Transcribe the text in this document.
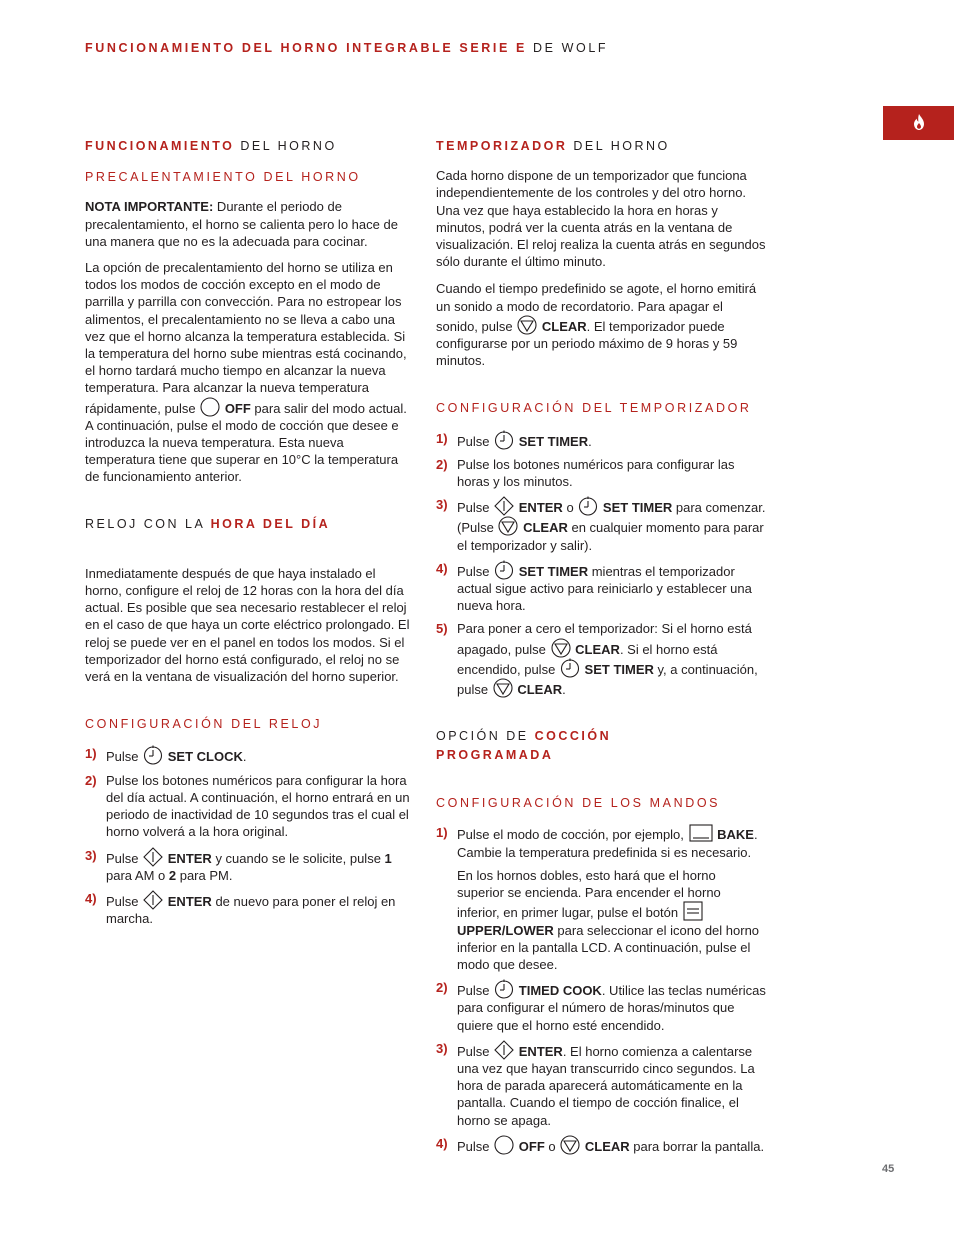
FUNCIONAMIENTO DEL HORNO INTEGRABLE SERIE E DE WOLF
FUNCIONAMIENTO DEL HORNO
PRECALENTAMIENTO DEL HORNO

NOTA IMPORTANTE: Durante el periodo de precalentamiento, el horno se calienta pero lo hace de una manera que no es la adecuada para cocinar.

La opción de precalentamiento del horno se utiliza en todos los modos de cocción excepto en el modo de parrilla y parrilla con convección. Para no estropear los alimentos, el precalentamiento no se lleva a cabo una vez que el horno alcanza la temperatura establecida. Si la temperatura del horno sube mientras está cocinando, el horno tardará mucho tiempo en alcanzar la nueva temperatura. Para alcanzar la nueva temperatura rápidamente, pulse
OFF para salir del modo actual. A continuación, pulse el modo de cocción que desee e introduzca la nueva temperatura. Esta nueva temperatura tiene que superar en 10°C la temperatura de funcionamiento anterior.

RELOJ CON LA HORA DEL DÍA

Inmediatamente después de que haya instalado el horno, configure el reloj de 12 horas con la hora del día actual. Es posible que sea necesario restablecer el reloj en el caso de que haya un corte eléctrico prolongado. El reloj se puede ver en el panel en todos los modos. Si el temporizador del horno está configurado, el reloj no se verá en la ventana de visualización del horno superior.

CONFIGURACIÓN DEL RELOJ
1) Pulse
SET CLOCK.
2) Pulse los botones numéricos para configurar la hora del día actual. A continuación, el horno entrará en un periodo de inactividad de 10 segundos tras el cual el horno volverá a la hora original.
3) Pulse
ENTER y cuando se le solicite, pulse 1 para AM o 2 para PM.
4) Pulse
ENTER de nuevo para poner el reloj en marcha.
TEMPORIZADOR DEL HORNO

Cada horno dispone de un temporizador que funciona independientemente de los controles y del otro horno. Una vez que haya establecido la hora en horas y minutos, podrá ver la cuenta atrás en la ventana de visualización. El reloj realiza la cuenta atrás en segundos sólo durante el último minuto.

Cuando el tiempo predefinido se agote, el horno emitirá un sonido a modo de recordatorio. Para apagar el sonido, pulse
CLEAR. El temporizador puede configurarse por un periodo máximo de 9 horas y 59 minutos.

CONFIGURACIÓN DEL TEMPORIZADOR
1) Pulse
SET TIMER.
2) Pulse los botones numéricos para configurar las horas y los minutos.
3) Pulse
ENTER o
SET TIMER para comenzar. (Pulse
CLEAR en cualquier momento para parar el temporizador y salir).
4) Pulse
SET TIMER mientras el temporizador actual sigue activo para reiniciarlo y establecer una nueva hora.
5) Para poner a cero el temporizador: Si el horno está apagado, pulse
CLEAR. Si el horno está encendido, pulse
SET TIMER y, a continuación, pulse
CLEAR.
OPCIÓN DE COCCIÓN
PROGRAMADA
CONFIGURACIÓN DE LOS MANDOS
1) Pulse el modo de cocción, por ejemplo,
BAKE. Cambie la temperatura predefinida si es necesario.

En los hornos dobles, esto hará que el horno superior se encienda. Para encender el horno inferior, en primer lugar, pulse el botón
UPPER/LOWER para seleccionar el icono del horno inferior en la pantalla LCD. A continuación, pulse el modo que desee.

2) Pulse
TIMED COOK. Utilice las teclas numéricas para configurar el número de horas/minutos que quiere que el horno esté encendido.
3) Pulse
ENTER. El horno comienza a calentarse una vez que hayan transcurrido cinco segundos. La hora de parada aparecerá automáticamente en la pantalla. Cuando el tiempo de cocción finalice, el horno se apaga.
4) Pulse
OFF o
CLEAR para borrar la pantalla.
45
